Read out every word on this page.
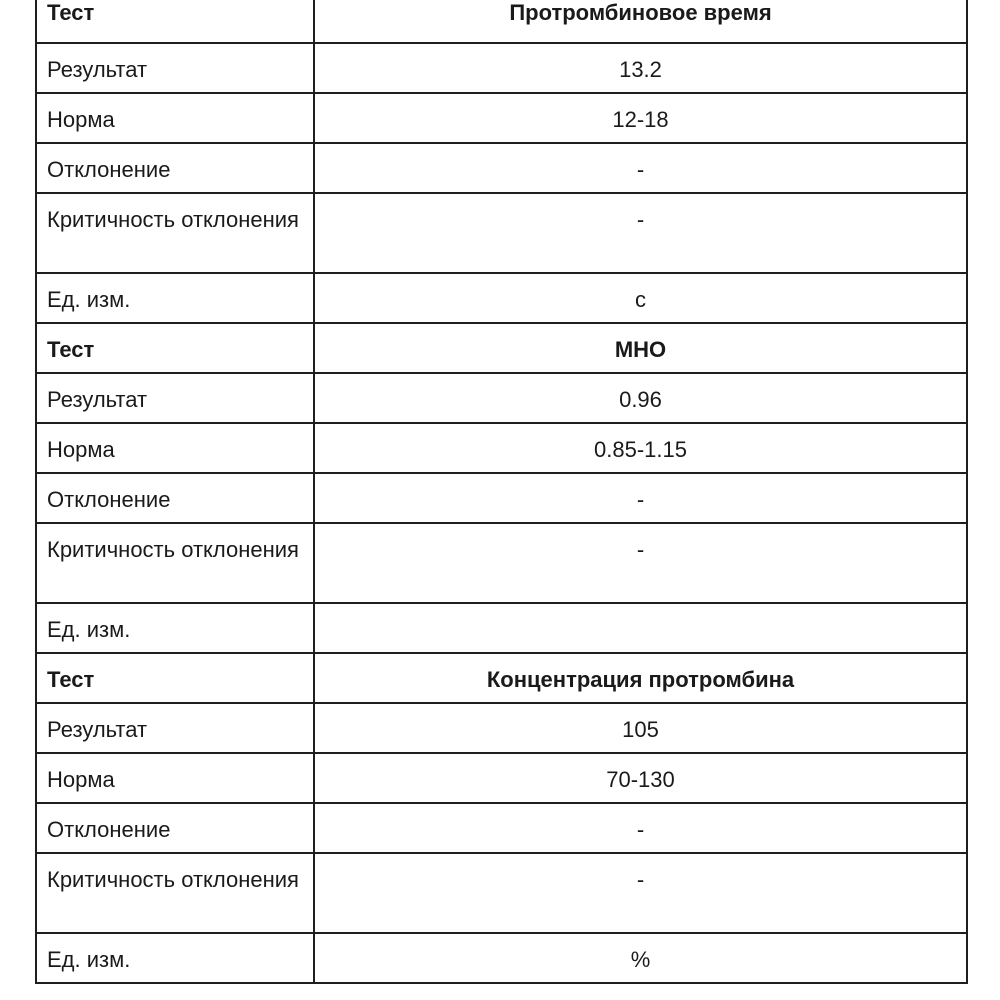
Тест	Протромбиновое время
Результат	13.2
Норма	12-18
Отклонение	-
Критичность отклонения	-
Ед. изм.	с
Тест	МНО
Результат	0.96
Норма	0.85-1.15
Отклонение	-
Критичность отклонения	-
Ед. изм.	
Тест	Концентрация протромбина
Результат	105
Норма	70-130
Отклонение	-
Критичность отклонения	-
Ед. изм.	%
